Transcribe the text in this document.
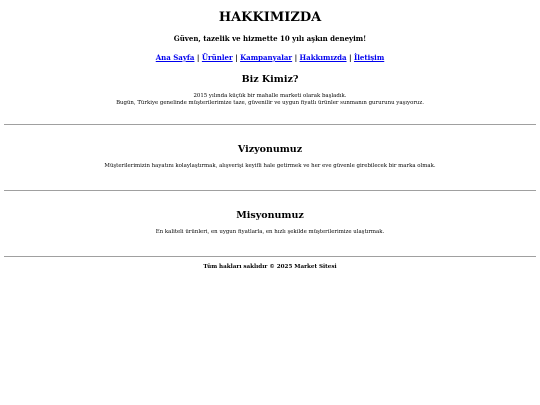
HAKKIMIZDA

Güven, tazelik ve hizmette 10 yılı aşkın deneyim!

Ana Sayfa | Ürünler | Kampanyalar | Hakkımızda | İletişim
Biz Kimiz?

2015 yılında küçük bir mahalle marketi olarak başladık.
Bugün, Türkiye genelinde müşterilerimize taze, güvenilir ve uygun fiyatlı ürünler sunmanın gururunu yaşıyoruz.

Vizyonumuz

Müşterilerimizin hayatını kolaylaştırmak, alışverişi keyifli hale getirmek ve her eve güvenle girebilecek bir marka olmak.

Misyonumuz

En kaliteli ürünleri, en uygun fiyatlarla, en hızlı şekilde müşterilerimize ulaştırmak.

Tüm hakları saklıdır © 2025 Market Sitesi
